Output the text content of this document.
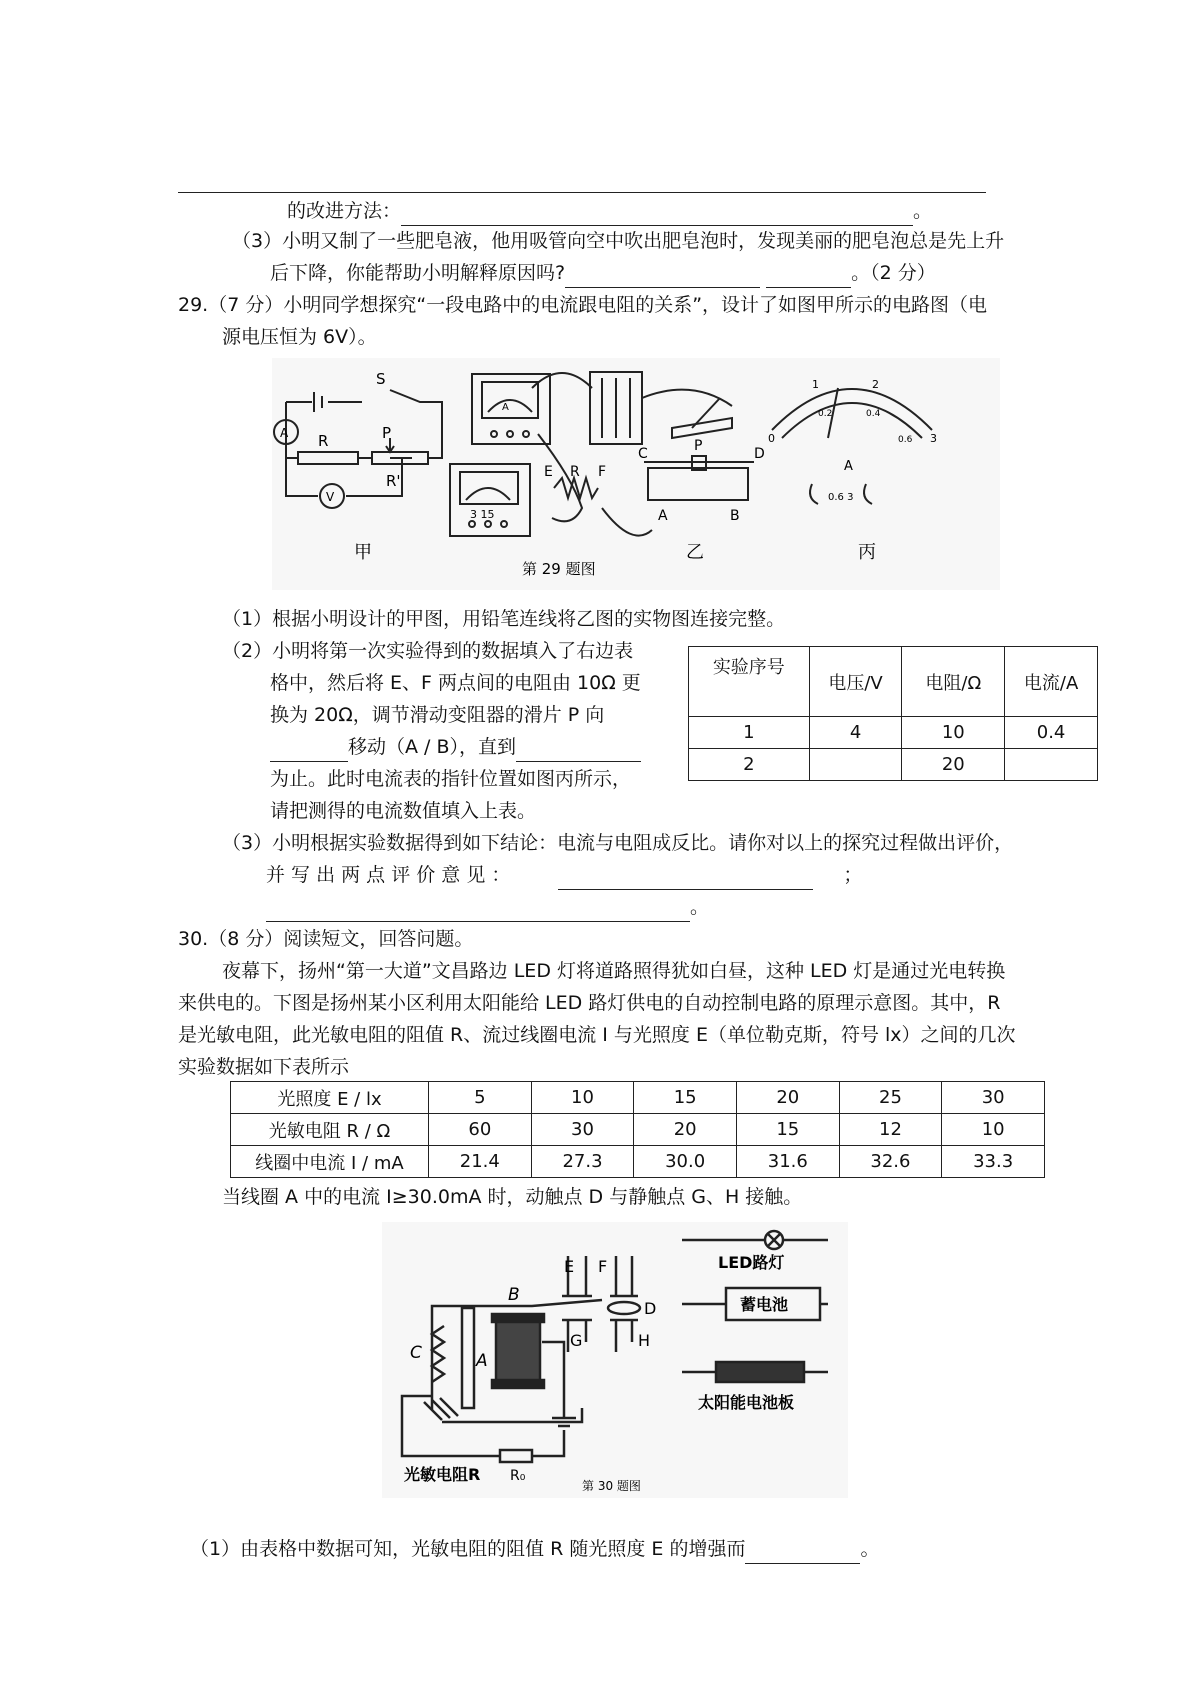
的改进方法：	。
（3）小明又制了一些肥皂液，他用吸管向空中吹出肥皂泡时，发现美丽的肥皂泡总是先上升
后下降，你能帮助小明解释原因吗?	。（2 分）
29.（7 分）小明同学想探究“一段电路中的电流跟电阻的关系”，设计了如图甲所示的电路图（电
源电压恒为 6V）。
A
V
S
R	P
R'
甲
A
3 15
E R F
C	P	D
A	B
乙
第 29 题图
0
1	2
3
0.2	0.4
0.6
A
0.6 3
丙
（1）根据小明设计的甲图，用铅笔连线将乙图的实物图连接完整。
（2）小明将第一次实验得到的数据填入了右边表
格中，然后将 E、F 两点间的电阻由 10Ω 更
换为 20Ω，调节滑动变阻器的滑片 P 向
移动（A / B），直到
为止。此时电流表的指针位置如图丙所示，
请把测得的电流数值填入上表。
实验序号	电压/V	电阻/Ω	电流/A
1	4	10	0.4
2		20	
（3）小明根据实验数据得到如下结论：电流与电阻成反比。请你对以上的探究过程做出评价，
并 写 出 两 点 评 价 意 见 ：	；
。
30.（8 分）阅读短文，回答问题。
夜幕下，扬州“第一大道”文昌路边 LED 灯将道路照得犹如白昼，这种 LED 灯是通过光电转换
来供电的。下图是扬州某小区利用太阳能给 LED 路灯供电的自动控制电路的原理示意图。其中，R
是光敏电阻，此光敏电阻的阻值 R、流过线圈电流 I 与光照度 E（单位勒克斯，符号 lx）之间的几次
实验数据如下表所示
光照度 E / lx	5	10	15	20	25	30
光敏电阻 R / Ω	60	30	20	15	12	10
线圈中电流 I / mA	21.4	27.3	30.0	31.6	32.6	33.3
当线圈 A 中的电流 I≥30.0mA 时，动触点 D 与静触点 G、H 接触。
E F
B
D
G	H
C	A
光敏电阻R R₀
LED路灯
蓄电池
太阳能电池板
第 30 题图
（1）由表格中数据可知，光敏电阻的阻值 R 随光照度 E 的增强而	。
